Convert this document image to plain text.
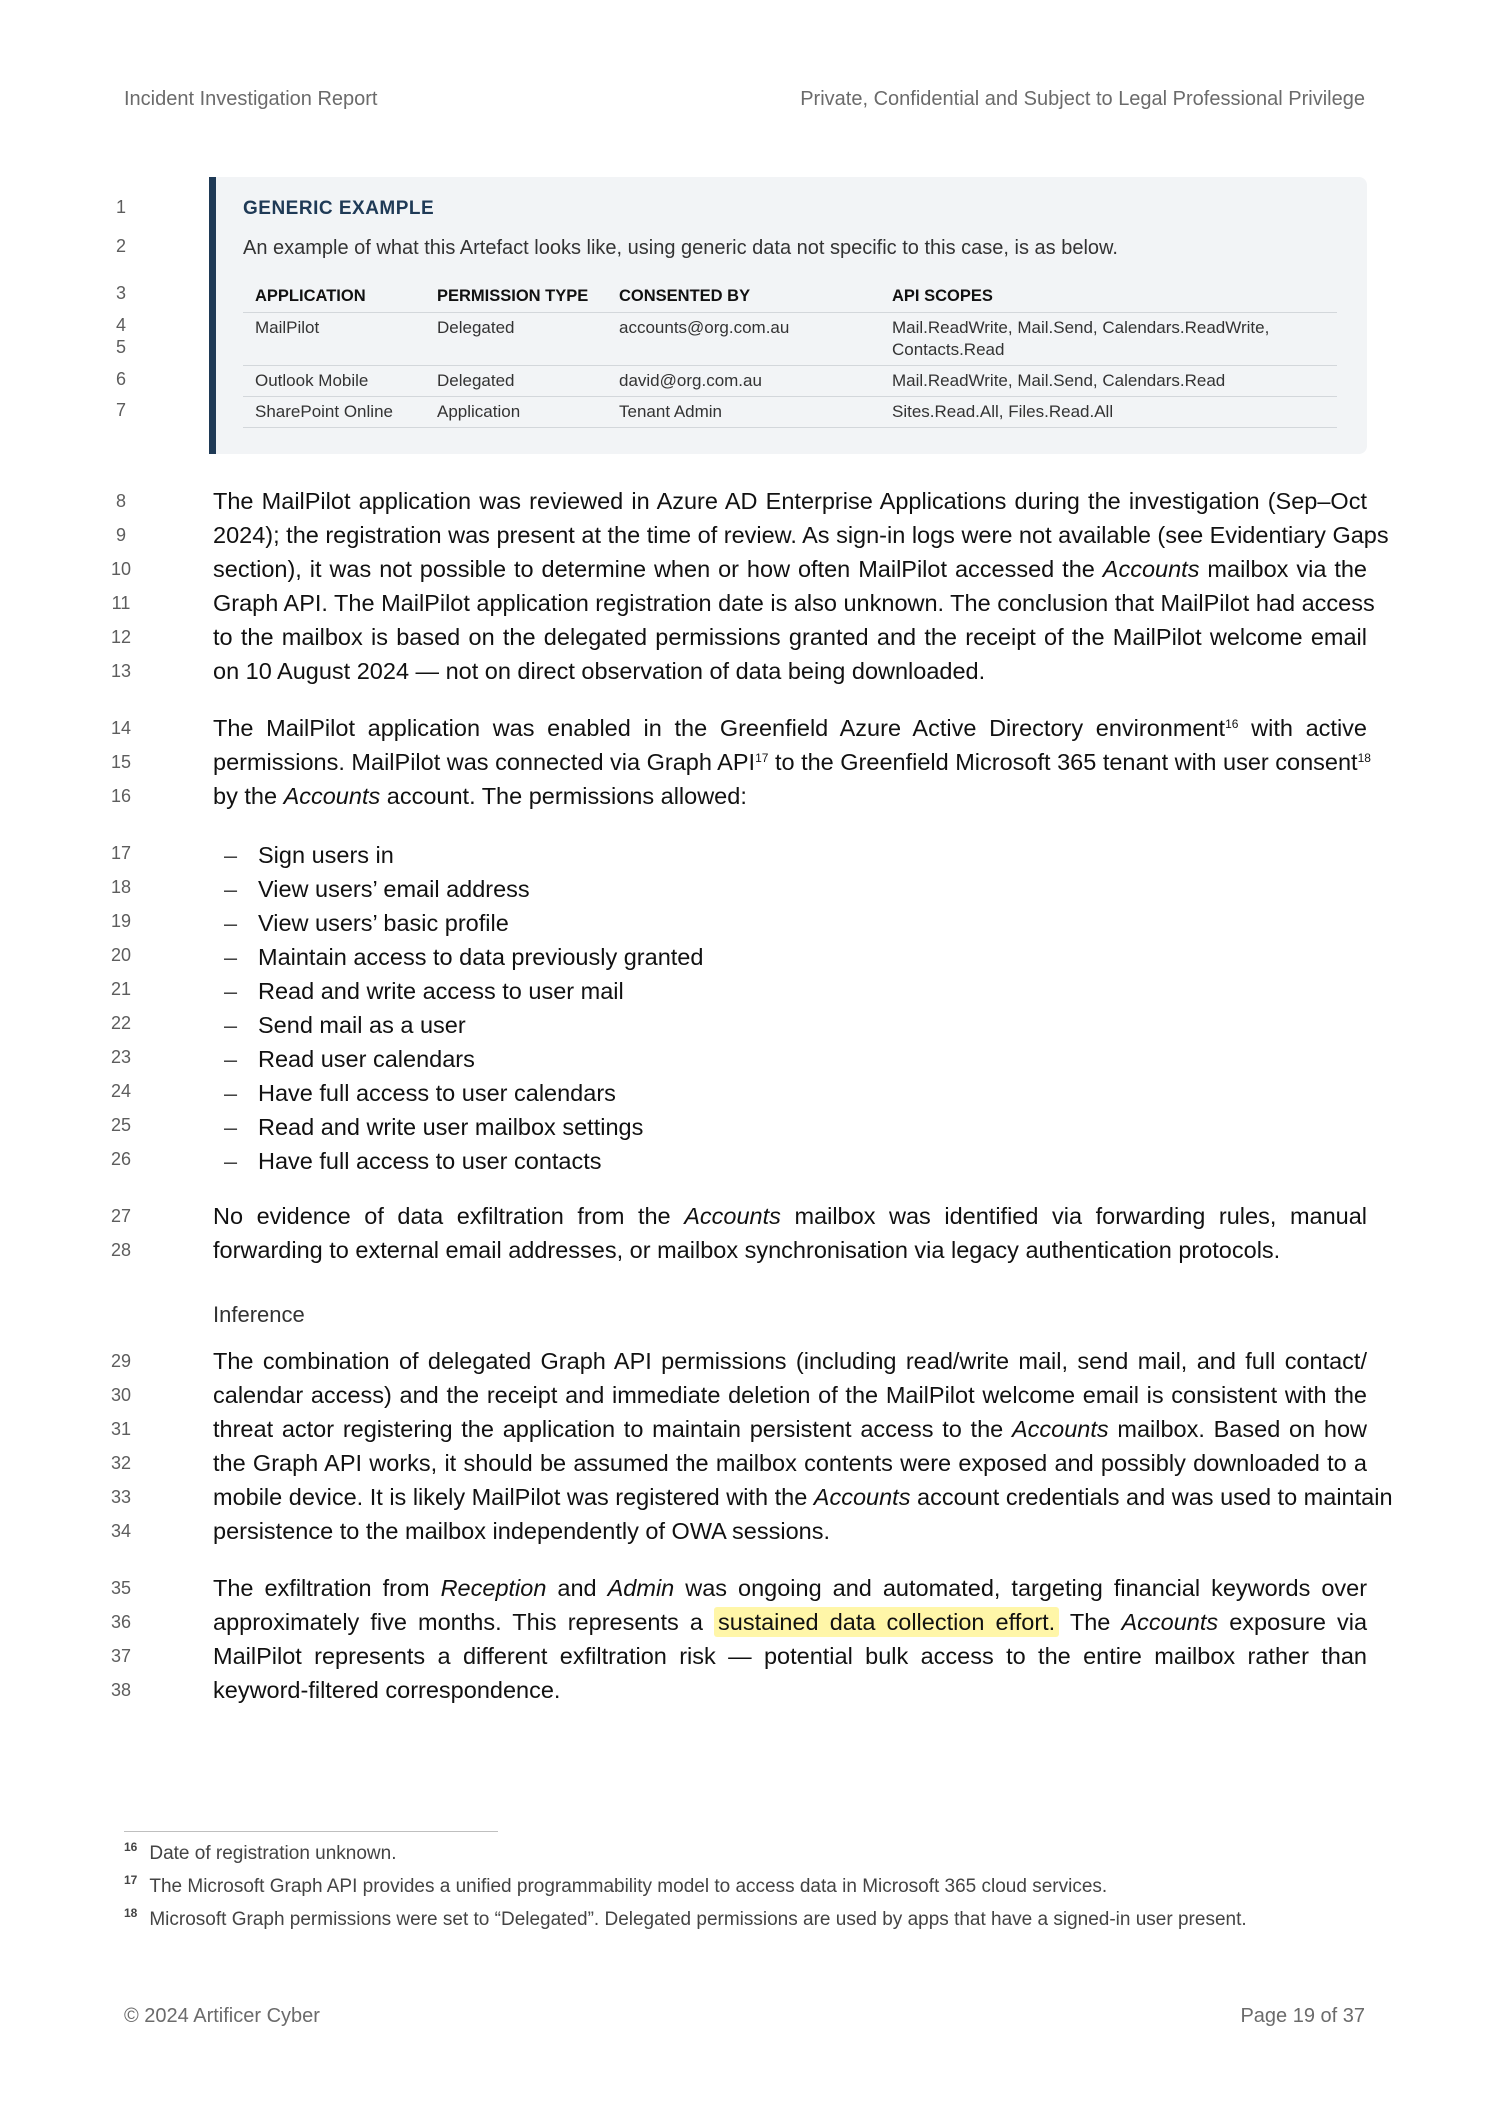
Incident Investigation Report	Private, Confidential and Subject to Legal Professional Privilege
1
2
3
4
5
6
7
8
9
10
11
12
13
14
15
16
17
18
19
20
21
22
23
24
25
26
27
28
29
30
31
32
33
34
35
36
37
38
GENERIC EXAMPLE
An example of what this Artefact looks like, using generic data not specific to this case, is as below.
APPLICATION	PERMISSION TYPE	CONSENTED BY	API SCOPES
MailPilot	Delegated	accounts@org.com.au	Mail.ReadWrite, Mail.Send, Calendars.ReadWrite, Contacts.Read
Outlook Mobile	Delegated	david@org.com.au	Mail.ReadWrite, Mail.Send, Calendars.Read
SharePoint Online	Application	Tenant Admin	Sites.Read.All, Files.Read.All
The MailPilot application was reviewed in Azure AD Enterprise Applications during the investigation (Sep–Oct
2024); the registration was present at the time of review. As sign-in logs were not available (see Evidentiary Gaps
section), it was not possible to determine when or how often MailPilot accessed the Accounts mailbox via the
Graph API. The MailPilot application registration date is also unknown. The conclusion that MailPilot had access
to the mailbox is based on the delegated permissions granted and the receipt of the MailPilot welcome email
on 10 August 2024 — not on direct observation of data being downloaded.
The MailPilot application was enabled in the Greenfield Azure Active Directory environment$^{16}$ with active
permissions. MailPilot was connected via Graph API$^{17}$ to the Greenfield Microsoft 365 tenant with user consent$^{18}$
by the Accounts account. The permissions allowed:
– Sign users in
– View users’ email address
– View users’ basic profile
– Maintain access to data previously granted
– Read and write access to user mail
– Send mail as a user
– Read user calendars
– Have full access to user calendars
– Read and write user mailbox settings
– Have full access to user contacts
No evidence of data exfiltration from the Accounts mailbox was identified via forwarding rules, manual
forwarding to external email addresses, or mailbox synchronisation via legacy authentication protocols.
Inference
The combination of delegated Graph API permissions (including read/write mail, send mail, and full contact/
calendar access) and the receipt and immediate deletion of the MailPilot welcome email is consistent with the
threat actor registering the application to maintain persistent access to the Accounts mailbox. Based on how
the Graph API works, it should be assumed the mailbox contents were exposed and possibly downloaded to a
mobile device. It is likely MailPilot was registered with the Accounts account credentials and was used to maintain
persistence to the mailbox independently of OWA sessions.
The exfiltration from Reception and Admin was ongoing and automated, targeting financial keywords over
approximately five months. This represents a sustained data collection effort. The Accounts exposure via
MailPilot represents a different exfiltration risk — potential bulk access to the entire mailbox rather than
keyword-filtered correspondence.
$^{16}$ Date of registration unknown.
$^{17}$ The Microsoft Graph API provides a unified programmability model to access data in Microsoft 365 cloud services.
$^{18}$ Microsoft Graph permissions were set to “Delegated”. Delegated permissions are used by apps that have a signed-in user present.
© 2024 Artificer Cyber	Page 19 of 37
